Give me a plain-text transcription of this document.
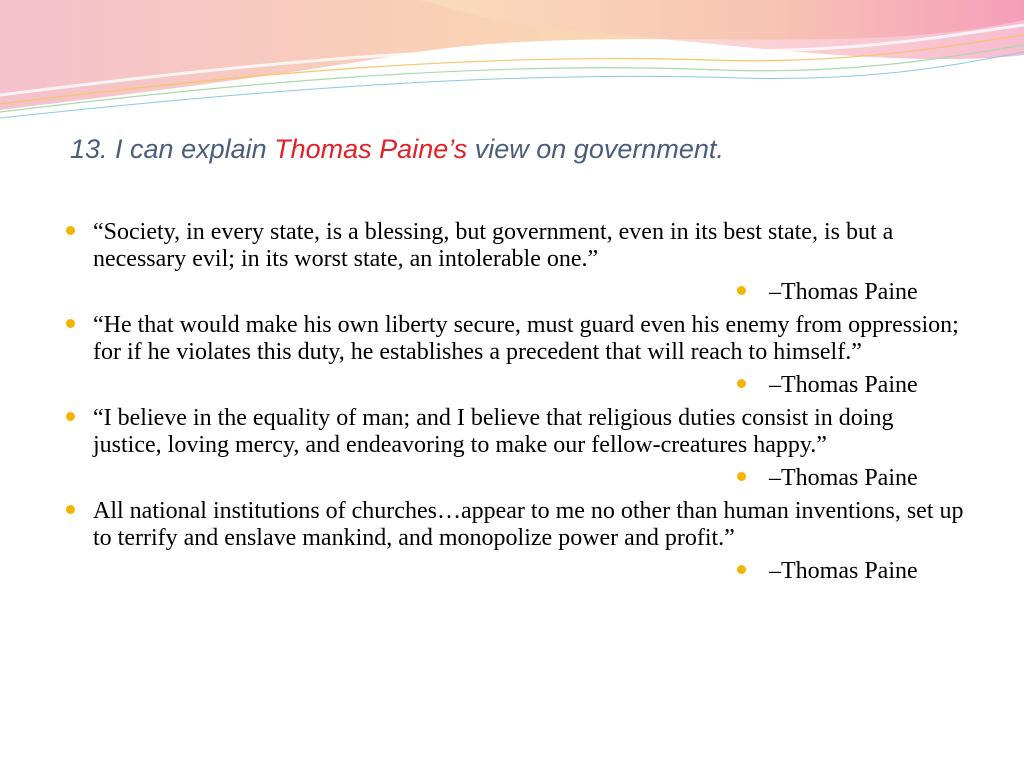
13. I can explain Thomas Paine’s view on government.
“Society, in every state, is a blessing, but government, even in its best state, is but a necessary evil; in its worst state, an intolerable one.”
–Thomas Paine
“He that would make his own liberty secure, must guard even his enemy from oppression; for if he violates this duty, he establishes a precedent that will reach to himself.”
–Thomas Paine
“I believe in the equality of man; and I believe that religious duties consist in doing justice, loving mercy, and endeavoring to make our fellow-creatures happy.”
–Thomas Paine
All national institutions of churches…appear to me no other than human inventions, set up to terrify and enslave mankind, and monopolize power and profit.”
–Thomas Paine
